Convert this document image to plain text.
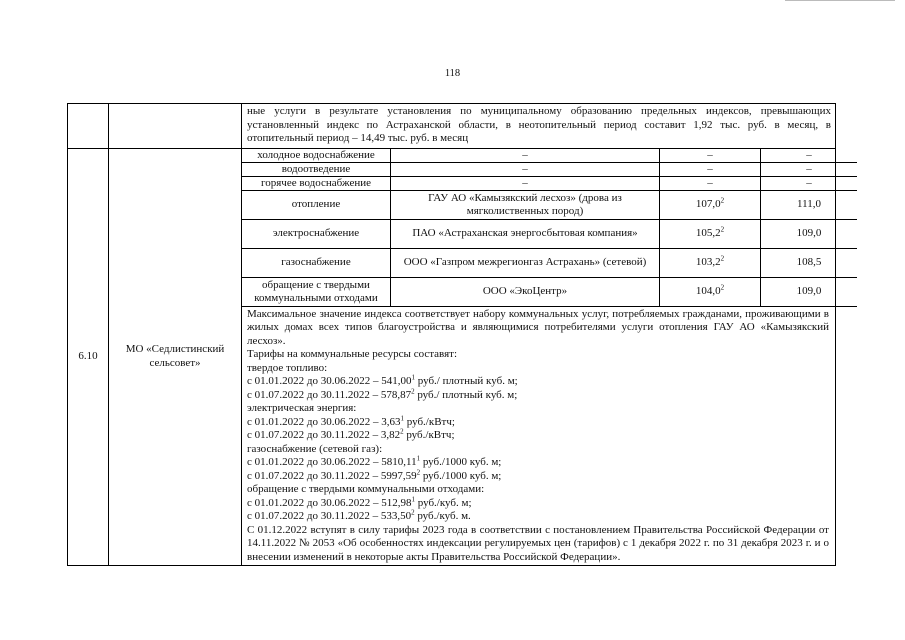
118

ные услуги в результате установления по муниципальному образованию предельных индексов, превышающих установленный индекс по Астраханской области, в неотопительный период составит 1,92 тыс. руб. в месяц, в отопительный период – 14,49 тыс. руб. в месяц

6.10	МО «Седлистинский сельсовет»	
холодное водоснабжение	–	–	–
водоотведение	–	–	–
горячее водоснабжение	–	–	–
отопление	ГАУ АО «Камызякский лесхоз» (дрова из мягколиственных пород)	107,0$^2$	111,0
электроснабжение	ПАО «Астраханская энергосбытовая компания»	105,2$^2$	109,0
газоснабжение	ООО «Газпром межрегионгаз Астрахань» (сетевой)	103,2$^2$	108,5
обращение с твердыми коммунальными отходами	ООО «ЭкоЦентр»	104,0$^2$	109,0

Максимальное значение индекса соответствует набору коммунальных услуг, потребляемых гражданами, проживающими в жилых домах всех типов благоустройства и являющимися потребителями услуги отопления ГАУ АО «Камызякский лесхоз».

Тарифы на коммунальные ресурсы составят:

твердое топливо:

с 01.01.2022 до 30.06.2022 – 541,00$^1$ руб./ плотный куб. м;

с 01.07.2022 до 30.11.2022 – 578,87$^2$ руб./ плотный куб. м;

электрическая энергия:

с 01.01.2022 до 30.06.2022 – 3,63$^1$ руб./кВтч;

с 01.07.2022 до 30.11.2022 – 3,82$^2$ руб./кВтч;

газоснабжение (сетевой газ):

с 01.01.2022 до 30.06.2022 – 5810,11$^1$ руб./1000 куб. м;

с 01.07.2022 до 30.11.2022 – 5997,59$^2$ руб./1000 куб. м;

обращение с твердыми коммунальными отходами:

с 01.01.2022 до 30.06.2022 – 512,98$^1$ руб./куб. м;

с 01.07.2022 до 30.11.2022 – 533,50$^2$ руб./куб. м.

С 01.12.2022 вступят в силу тарифы 2023 года в соответствии с постановлением Правительства Российской Федерации от 14.11.2022 № 2053 «Об особенностях индексации регулируемых цен (тарифов) с 1 декабря 2022 г. по 31 декабря 2023 г. и о внесении изменений в некоторые акты Правительства Российской Федерации».
